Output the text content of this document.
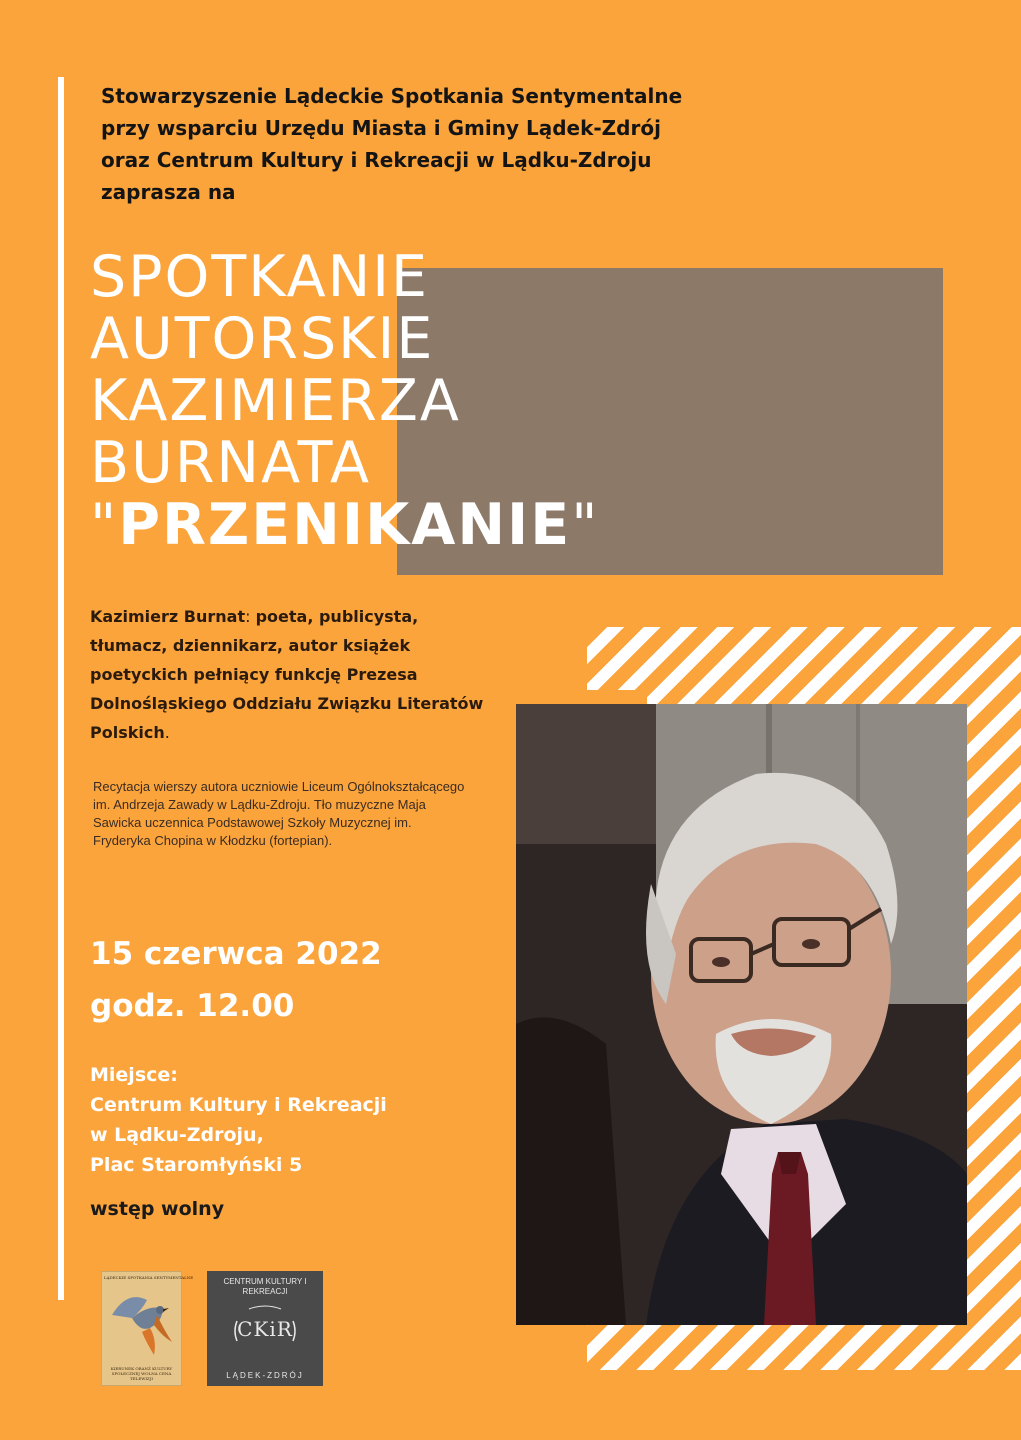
Stowarzyszenie Lądeckie Spotkania Sentymentalne
przy wsparciu Urzędu Miasta i Gminy Lądek-Zdrój
oraz Centrum Kultury i Rekreacji w Lądku-Zdroju
zaprasza na
SPOTKANIE
AUTORSKIE
KAZIMIERZA
BURNATA
"PRZENIKANIE"
Kazimierz Burnat: poeta, publicysta, tłumacz, dziennikarz, autor książek poetyckich pełniący funkcję Prezesa Dolnośląskiego Oddziału Związku Literatów Polskich.
Recytacja wierszy autora uczniowie Liceum Ogólnokształcącego im. Andrzeja Zawady w Lądku-Zdroju. Tło muzyczne Maja Sawicka uczennica Podstawowej Szkoły Muzycznej im. Fryderyka Chopina w Kłodzku (fortepian).
15 czerwca 2022
godz. 12.00
Miejsce:
Centrum Kultury i Rekreacji
w Lądku-Zdroju,
Plac Staromłyński 5
wstęp wolny
LĄDECKIE SPOTKANIA SENTYMENTALNE
KIERUNEK ORANŻ KULTURY SPOŁECZNEJ WOLNA CENA TELEWIZJI
CENTRUM KULTURY I REKREACJI
CKiR
LĄDEK-ZDRÓJ
